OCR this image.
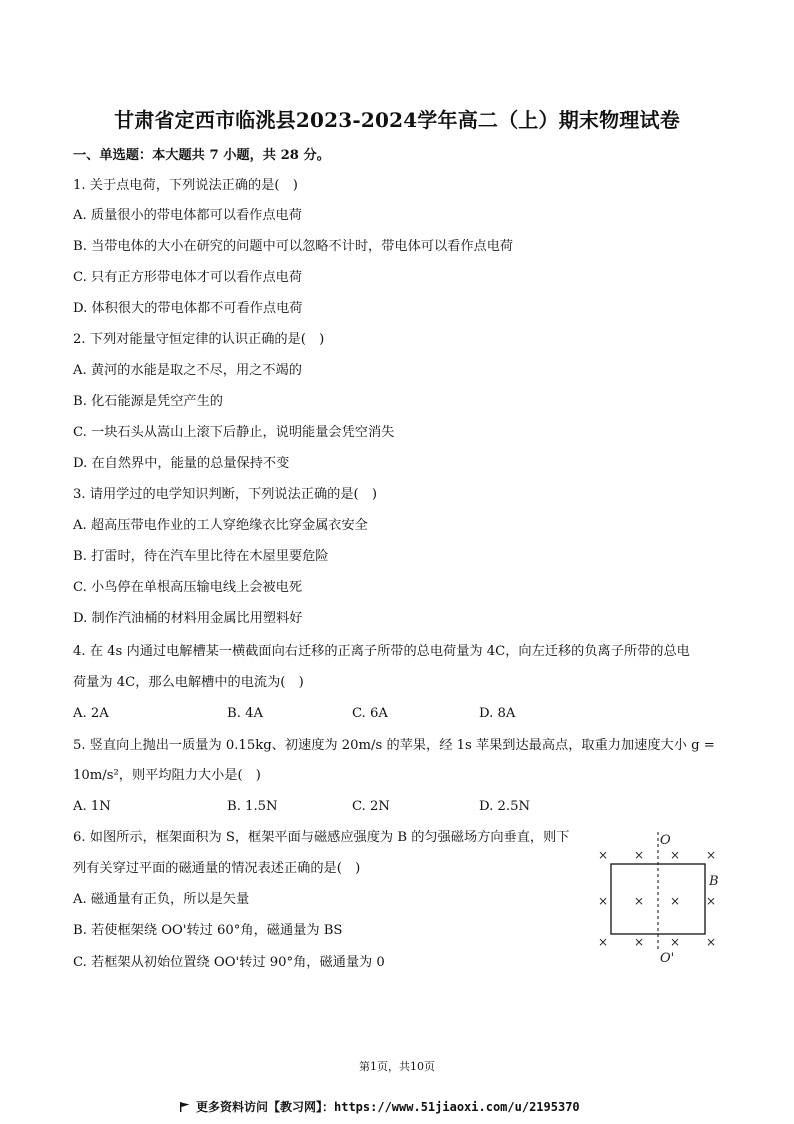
甘肃省定西市临洮县2023-2024学年高二（上）期末物理试卷
一、单选题：本大题共 7 小题，共 28 分。
1. 关于点电荷，下列说法正确的是(　)
A. 质量很小的带电体都可以看作点电荷
B. 当带电体的大小在研究的问题中可以忽略不计时，带电体可以看作点电荷
C. 只有正方形带电体才可以看作点电荷
D. 体积很大的带电体都不可看作点电荷
2. 下列对能量守恒定律的认识正确的是(　)
A. 黄河的水能是取之不尽，用之不竭的
B. 化石能源是凭空产生的
C. 一块石头从嵩山上滚下后静止，说明能量会凭空消失
D. 在自然界中，能量的总量保持不变
3. 请用学过的电学知识判断，下列说法正确的是(　)
A. 超高压带电作业的工人穿绝缘衣比穿金属衣安全
B. 打雷时，待在汽车里比待在木屋里要危险
C. 小鸟停在单根高压输电线上会被电死
D. 制作汽油桶的材料用金属比用塑料好
4. 在 4s 内通过电解槽某一横截面向右迁移的正离子所带的总电荷量为 4C，向左迁移的负离子所带的总电
荷量为 4C，那么电解槽中的电流为(　)
A. 2A	B. 4A	C. 6A	D. 8A
5. 竖直向上抛出一质量为 0.15kg、初速度为 20m/s 的苹果，经 1s 苹果到达最高点，取重力加速度大小 g =
10m/s²，则平均阻力大小是(　)
A. 1N	B. 1.5N	C. 2N	D. 2.5N
6. 如图所示，框架面积为 S，框架平面与磁感应强度为 B 的匀强磁场方向垂直，则下
列有关穿过平面的磁通量的情况表述正确的是(　)
A. 磁通量有正负，所以是矢量
B. 若使框架绕 OO'转过 60°角，磁通量为 BS
C. 若框架从初始位置绕 OO'转过 90°角，磁通量为 0
O
× × × ×
× × × ×
× × × ×
B
O'
第1页，共10页
更多资料访问【教习网】：https://www.51jiaoxi.com/u/2195370
